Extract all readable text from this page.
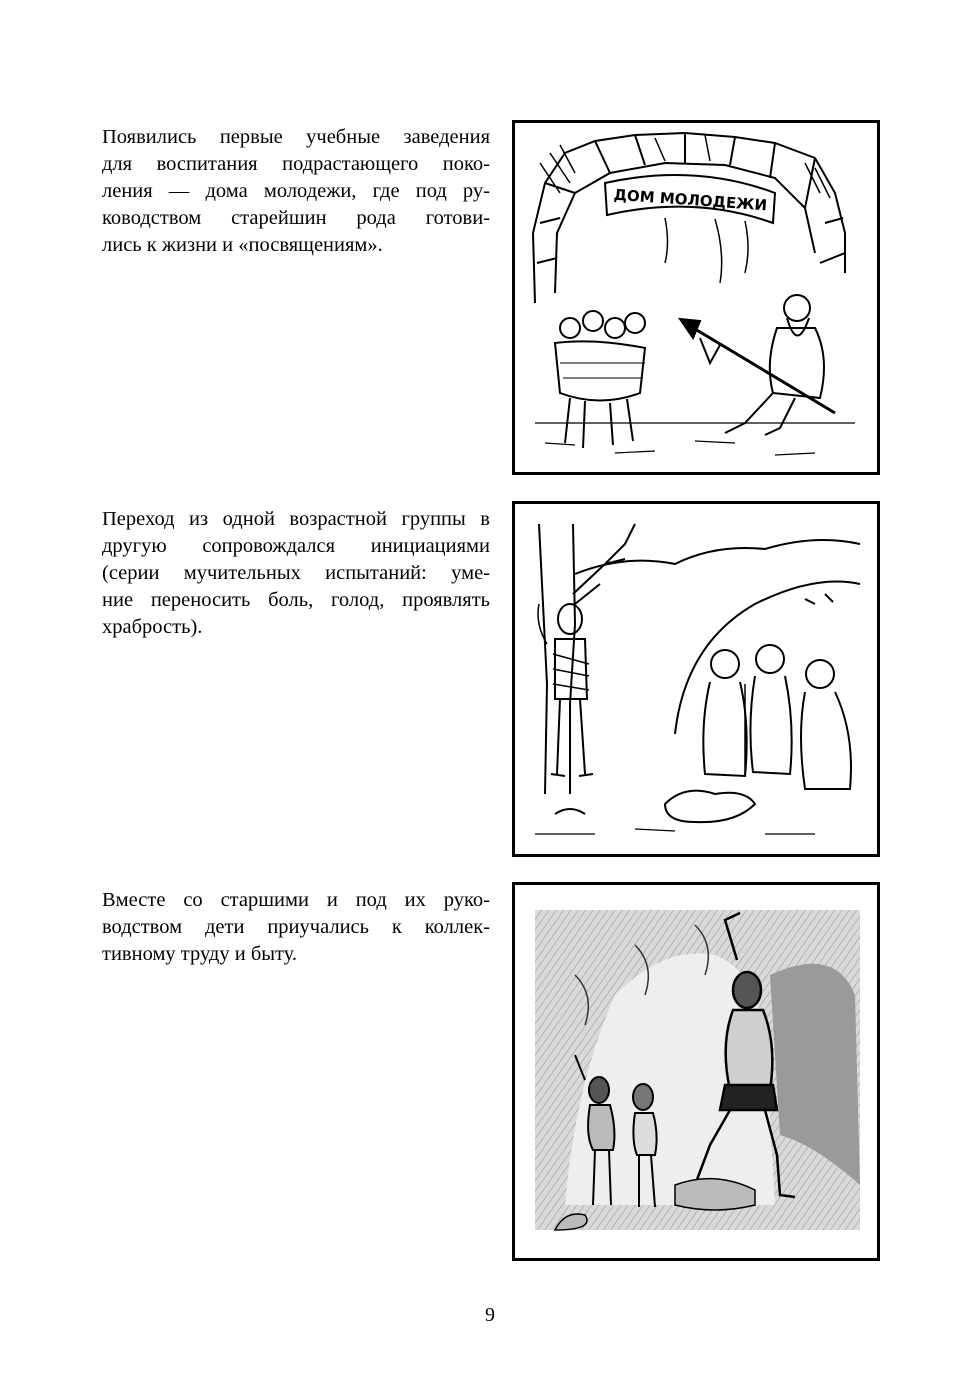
Появились первые учебные заведения
для воспитания подрастающего поко-
ления — дома молодежи, где под ру-
ководством старейшин рода готови-
лись к жизни и «посвящениям».

ДОМ МОЛОДЕЖИ

Переход из одной возрастной группы в
другую сопровождался инициациями
(серии мучительных испытаний: уме-
ние переносить боль, голод, проявлять
храбрость).

Вместе со старшими и под их руко-
водством дети приучались к коллек-
тивному труду и быту.

9
